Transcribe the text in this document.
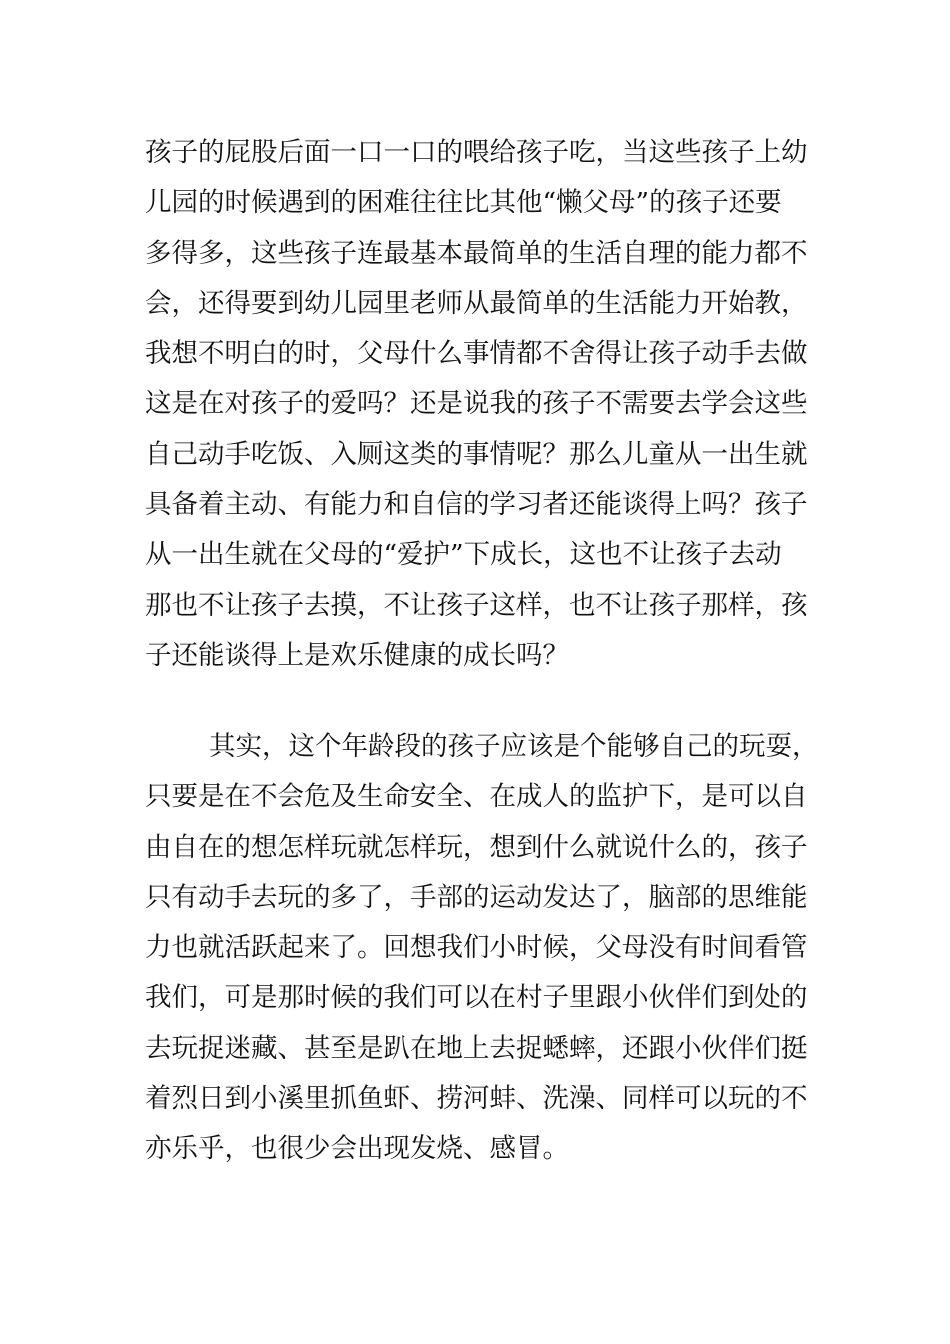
孩子的屁股后面一口一口的喂给孩子吃，当这些孩子上幼
儿园的时候遇到的困难往往比其他“懒父母”的孩子还要
多得多，这些孩子连最基本最简单的生活自理的能力都不
会，还得要到幼儿园里老师从最简单的生活能力开始教，
我想不明白的时，父母什么事情都不舍得让孩子动手去做
这是在对孩子的爱吗？还是说我的孩子不需要去学会这些
自己动手吃饭、入厕这类的事情呢？那么儿童从一出生就
具备着主动、有能力和自信的学习者还能谈得上吗？孩子
从一出生就在父母的“爱护”下成长，这也不让孩子去动
那也不让孩子去摸，不让孩子这样，也不让孩子那样，孩
子还能谈得上是欢乐健康的成长吗？
其实，这个年龄段的孩子应该是个能够自己的玩耍，
只要是在不会危及生命安全、在成人的监护下，是可以自
由自在的想怎样玩就怎样玩，想到什么就说什么的，孩子
只有动手去玩的多了，手部的运动发达了，脑部的思维能
力也就活跃起来了。回想我们小时候，父母没有时间看管
我们，可是那时候的我们可以在村子里跟小伙伴们到处的
去玩捉迷藏、甚至是趴在地上去捉蟋蟀，还跟小伙伴们挺
着烈日到小溪里抓鱼虾、捞河蚌、洗澡、同样可以玩的不
亦乐乎，也很少会出现发烧、感冒。
